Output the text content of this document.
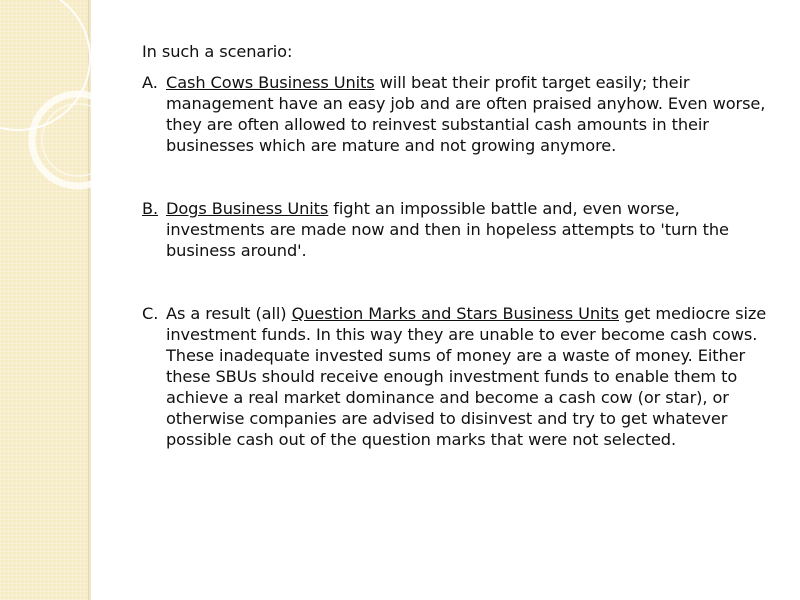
In such a scenario:

A. Cash Cows Business Units will beat their profit target easily; their management have an easy job and are often praised anyhow. Even worse, they are often allowed to reinvest substantial cash amounts in their businesses which are mature and not growing anymore.
B. Dogs Business Units fight an impossible battle and, even worse, investments are made now and then in hopeless attempts to 'turn the business around'.
C. As a result (all) Question Marks and Stars Business Units get mediocre size investment funds. In this way they are unable to ever become cash cows. These inadequate invested sums of money are a waste of money. Either these SBUs should receive enough investment funds to enable them to achieve a real market dominance and become a cash cow (or star), or otherwise companies are advised to disinvest and try to get whatever possible cash out of the question marks that were not selected.
